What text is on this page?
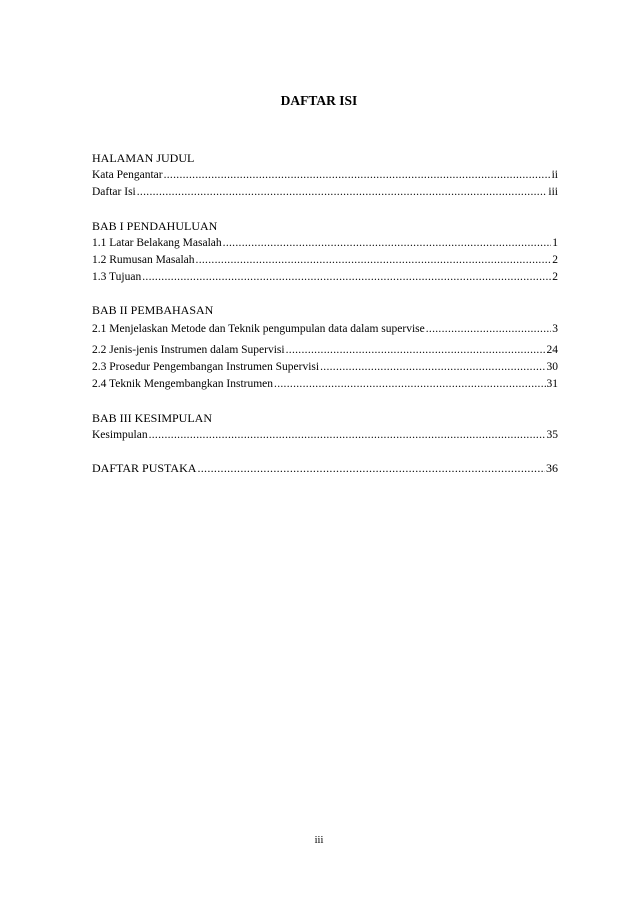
DAFTAR ISI
HALAMAN JUDUL
Kata Pengantar .....	ii
Daftar Isi .....	iii
BAB I PENDAHULUAN
1.1 Latar Belakang Masalah .....	1
1.2 Rumusan Masalah .....	2
1.3 Tujuan .....	2
BAB II PEMBAHASAN
2.1 Menjelaskan Metode dan Teknik pengumpulan data dalam supervise .....	3
2.2 Jenis-jenis Instrumen dalam Supervisi .....	24
2.3 Prosedur Pengembangan Instrumen Supervisi .....	30
2.4 Teknik Mengembangkan Instrumen .....	31
BAB III KESIMPULAN
Kesimpulan .....	35
DAFTAR PUSTAKA .....	36
iii
